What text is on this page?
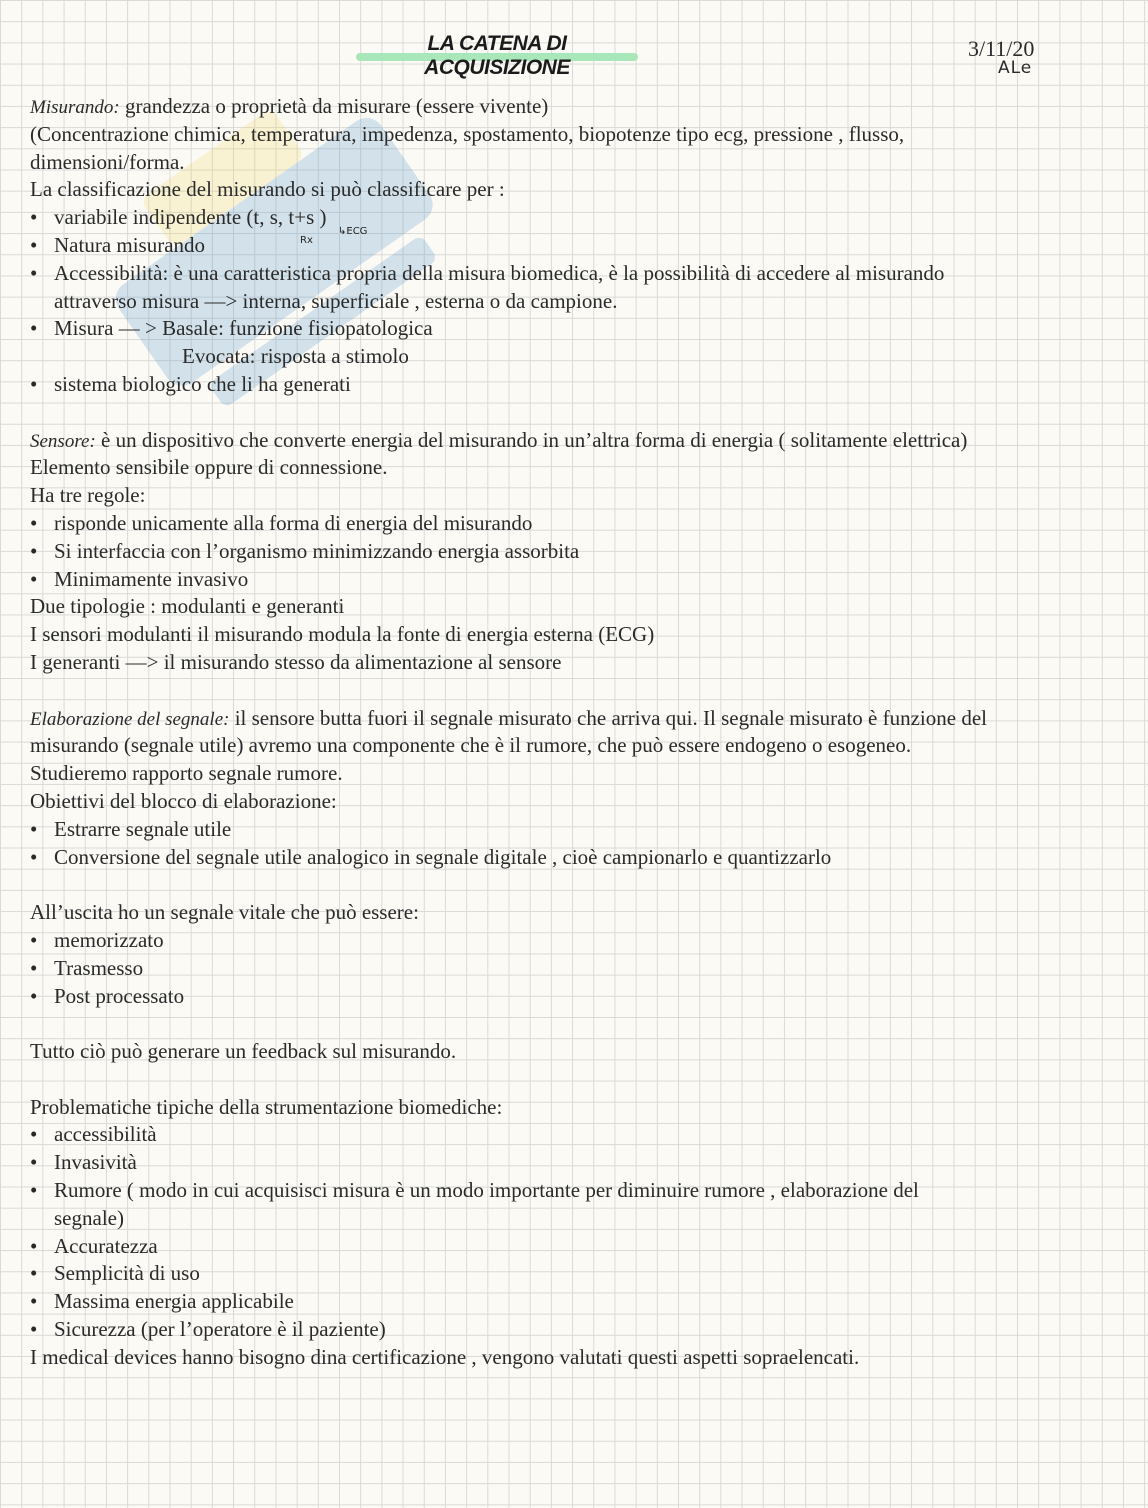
LA CATENA DI ACQUISIZIONE
3/11/20
ALe
Rx
↳ECG
Misurando: grandezza o proprietà da misurare (essere vivente)
(Concentrazione chimica, temperatura, impedenza, spostamento, biopotenze tipo ecg, pressione , flusso,
dimensioni/forma.
La classificazione del misurando si può classificare per :
• variabile indipendente (t, s, t+s )
• Natura misurando
• Accessibilità: è una caratteristica propria della misura biomedica, è la possibilità di accedere al misurando
attraverso misura —> interna, superficiale , esterna o da campione.
• Misura — > Basale: funzione fisiopatologica
Evocata: risposta a stimolo
• sistema biologico che li ha generati
Sensore: è un dispositivo che converte energia del misurando in un’altra forma di energia ( solitamente elettrica)
Elemento sensibile oppure di connessione.
Ha tre regole:
• risponde unicamente alla forma di energia del misurando
• Si interfaccia con l’organismo minimizzando energia assorbita
• Minimamente invasivo
Due tipologie : modulanti e generanti
I sensori modulanti il misurando modula la fonte di energia esterna (ECG)
I generanti —> il misurando stesso da alimentazione al sensore
Elaborazione del segnale: il sensore butta fuori il segnale misurato che arriva qui. Il segnale misurato è funzione del
misurando (segnale utile) avremo una componente che è il rumore, che può essere endogeno o esogeneo.
Studieremo rapporto segnale rumore.
Obiettivi del blocco di elaborazione:
• Estrarre segnale utile
• Conversione del segnale utile analogico in segnale digitale , cioè campionarlo e quantizzarlo
All’uscita ho un segnale vitale che può essere:
• memorizzato
• Trasmesso
• Post processato
Tutto ciò può generare un feedback sul misurando.
Problematiche tipiche della strumentazione biomediche:
• accessibilità
• Invasività
• Rumore ( modo in cui acquisisci misura è un modo importante per diminuire rumore , elaborazione del
segnale)
• Accuratezza
• Semplicità di uso
• Massima energia applicabile
• Sicurezza (per l’operatore è il paziente)
I medical devices hanno bisogno dina certificazione , vengono valutati questi aspetti sopraelencati.
